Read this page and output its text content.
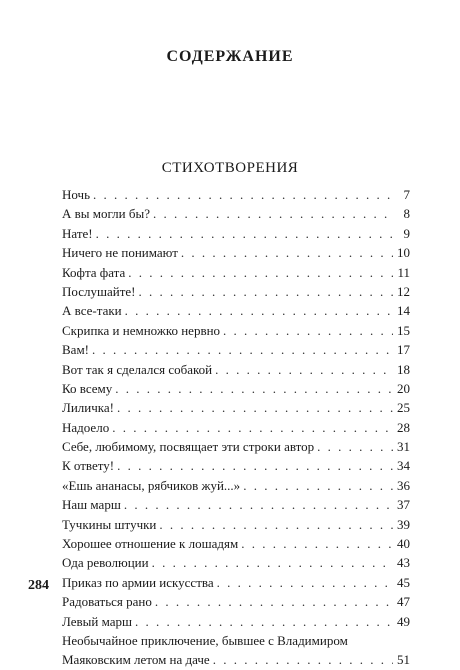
СОДЕРЖАНИЕ
СТИХОТВОРЕНИЯ
Ночь . . .	7
А вы могли бы? . . .	8
Нате! . . .	9
Ничего не понимают . . .	10
Кофта фата . . .	11
Послушайте! . . .	12
А все-таки . . .	14
Скрипка и немножко нервно . . .	15
Вам! . . .	17
Вот так я сделался собакой . . .	18
Ко всему . . .	20
Лиличка! . . .	25
Надоело . . .	28
Себе, любимому, посвящает эти строки автор . . .	31
К ответу! . . .	34
«Ешь ананасы, рябчиков жуй...» . . .	36
Наш марш . . .	37
Тучкины штучки . . .	39
Хорошее отношение к лошадям . . .	40
Ода революции . . .	43
Приказ по армии искусства . . .	45
Радоваться рано . . .	47
Левый марш . . .	49
Необычайное приключение, бывшее с Владимиром
Маяковским летом на даче . . .	51
284
